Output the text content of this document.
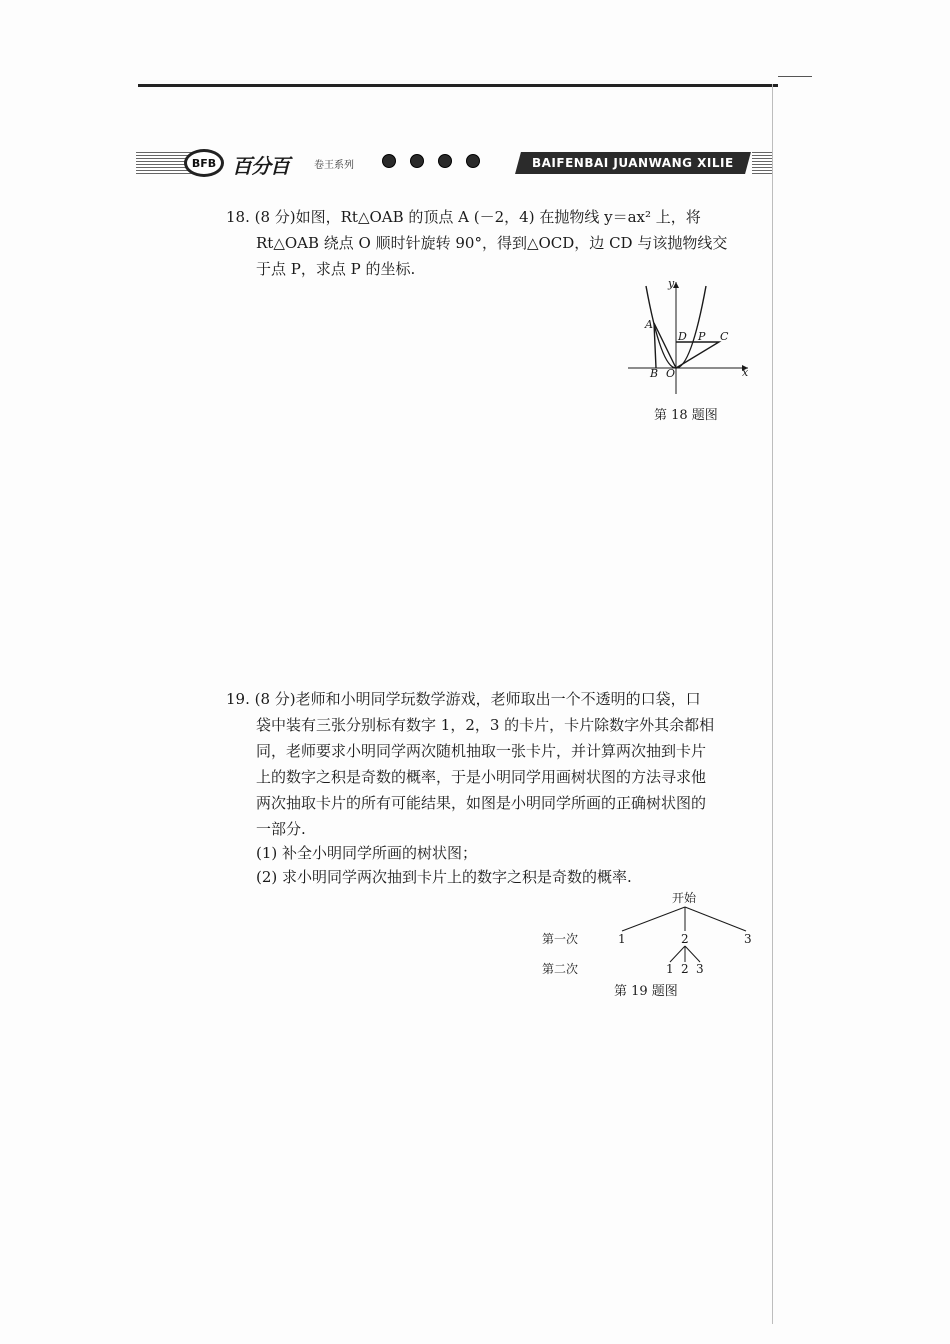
BFB 百分百	卷王系列	BAIFENBAI JUANWANG XILIE
18. (8 分)如图，Rt△OAB 的顶点 A (－2，4) 在抛物线 y＝ax² 上，将
Rt△OAB 绕点 O 顺时针旋转 90°，得到△OCD，边 CD 与该抛物线交
于点 P，求点 P 的坐标.
y
x
A
B O
D P C
第 18 题图
19. (8 分)老师和小明同学玩数学游戏，老师取出一个不透明的口袋，口
袋中装有三张分别标有数字 1，2，3 的卡片，卡片除数字外其余都相
同，老师要求小明同学两次随机抽取一张卡片，并计算两次抽到卡片
上的数字之积是奇数的概率，于是小明同学用画树状图的方法寻求他
两次抽取卡片的所有可能结果，如图是小明同学所画的正确树状图的
一部分.
(1) 补全小明同学所画的树状图；
(2) 求小明同学两次抽到卡片上的数字之积是奇数的概率.
开始
第一次	1	2	3
第二次	1 2 3
第 19 题图
